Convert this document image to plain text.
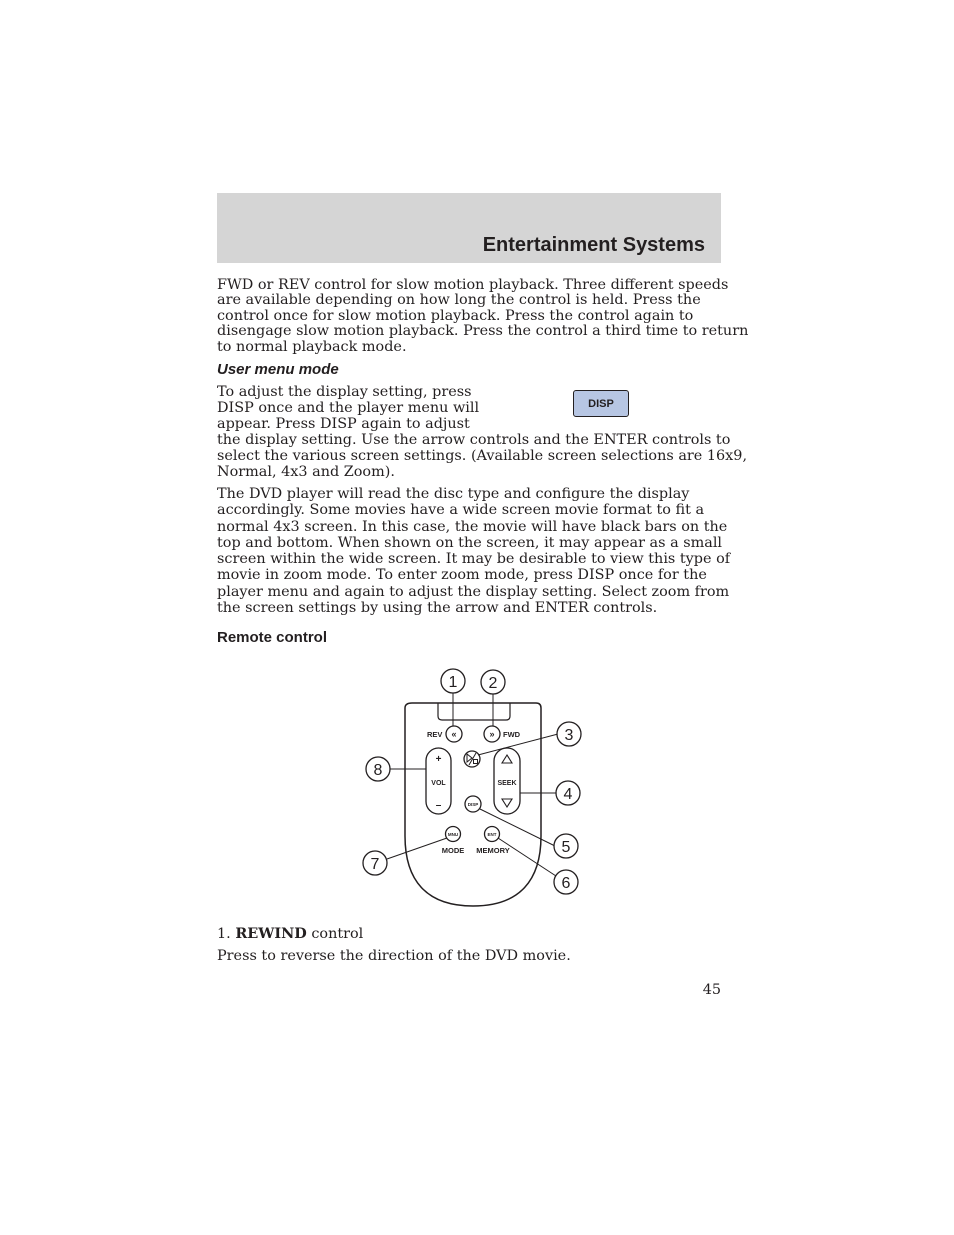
Entertainment Systems

FWD or REV control for slow motion playback. Three different speeds
are available depending on how long the control is held. Press the
control once for slow motion playback. Press the control again to
disengage slow motion playback. Press the control a third time to return
to normal playback mode.

User menu mode
DISP

To adjust the display setting, press
DISP once and the player menu will
appear. Press DISP again to adjust
the display setting. Use the arrow controls and the ENTER controls to
select the various screen settings. (Available screen selections are 16x9,
Normal, 4x3 and Zoom).

The DVD player will read the disc type and configure the display
accordingly. Some movies have a wide screen movie format to fit a
normal 4x3 screen. In this case, the movie will have black bars on the
top and bottom. When shown on the screen, it may appear as a small
screen within the wide screen. It may be desirable to view this type of
movie in zoom mode. To enter zoom mode, press DISP once for the
player menu and again to adjust the display setting. Select zoom from
the screen settings by using the arrow and ENTER controls.

Remote control
REV «	» FWD
+
VOL
–
SEEK
DISP
MNU	ENT
MODE MEMORY
1 2
3
4
5
6
7
8

1. REWIND control

Press to reverse the direction of the DVD movie.

45
